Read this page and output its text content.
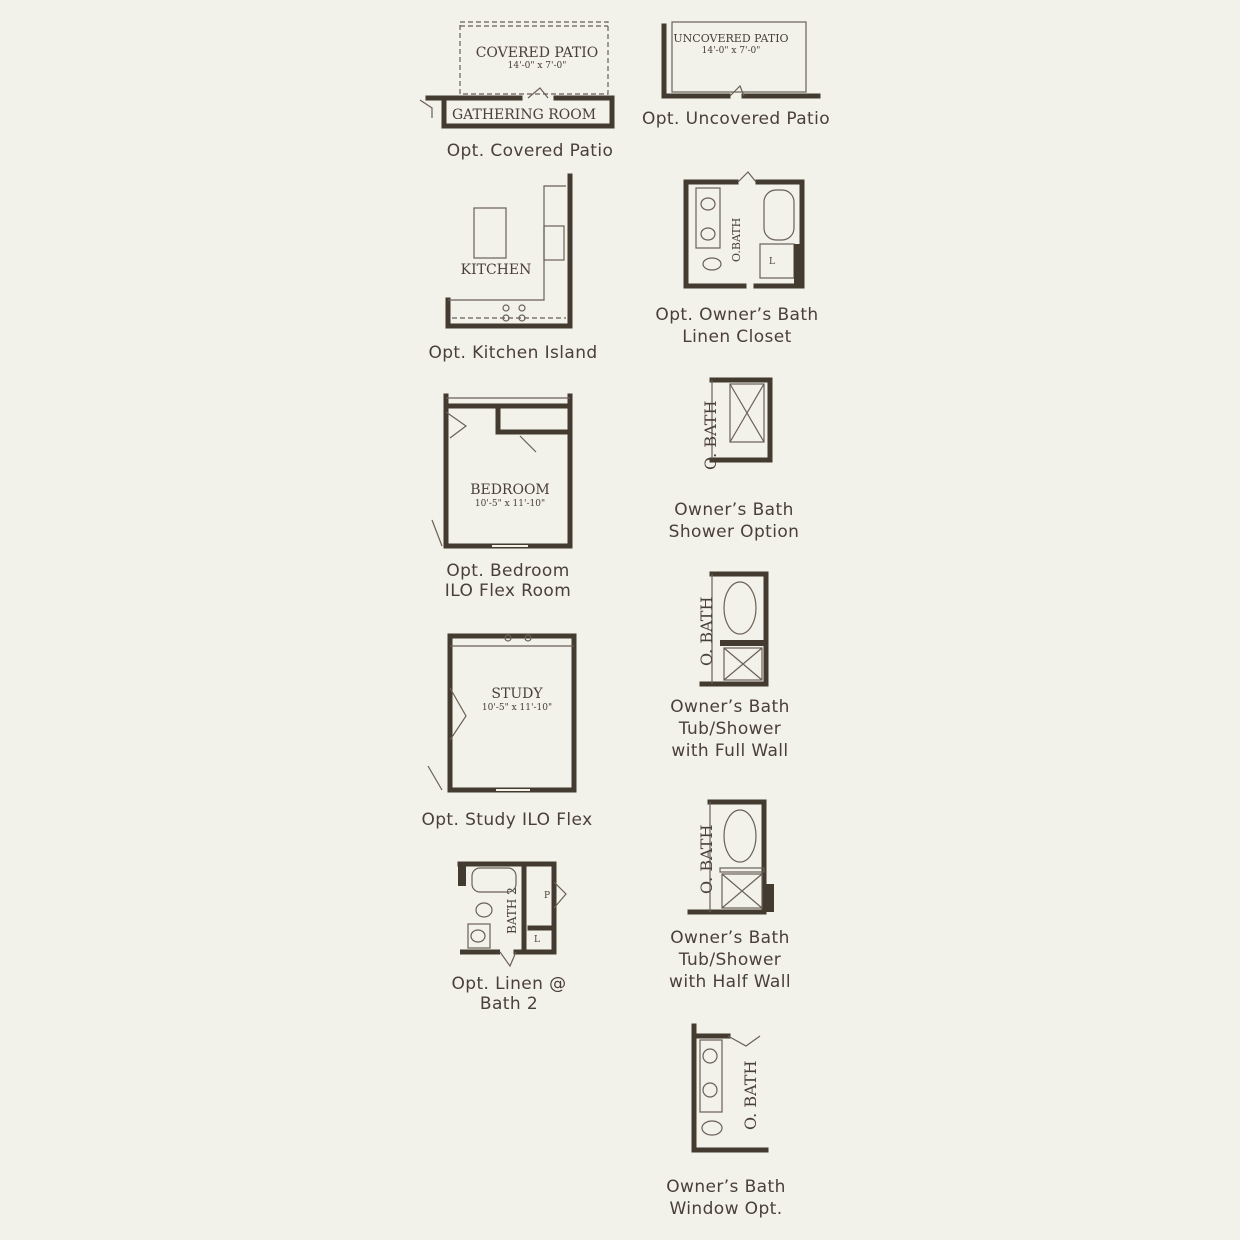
COVERED PATIO
14'-0" x 7'-0"
GATHERING ROOM
UNCOVERED PATIO
14'-0" x 7'-0"
KITCHEN
O.BATH	L
BEDROOM
10'-5" x 11'-10"
O. BATH
STUDY
10'-5" x 11'-10"
O. BATH
P
L
BATH 2
O. BATH
O. BATH
Opt. Covered Patio
Opt. Uncovered Patio
Opt. Kitchen Island
Opt. Owner’s Bath
Linen Closet
Opt. Bedroom
ILO Flex Room
Owner’s Bath
Shower Option
Opt. Study ILO Flex
Owner’s Bath
Tub/Shower
with Full Wall
Opt. Linen @
Bath 2
Owner’s Bath
Tub/Shower
with Half Wall
Owner’s Bath
Window Opt.
